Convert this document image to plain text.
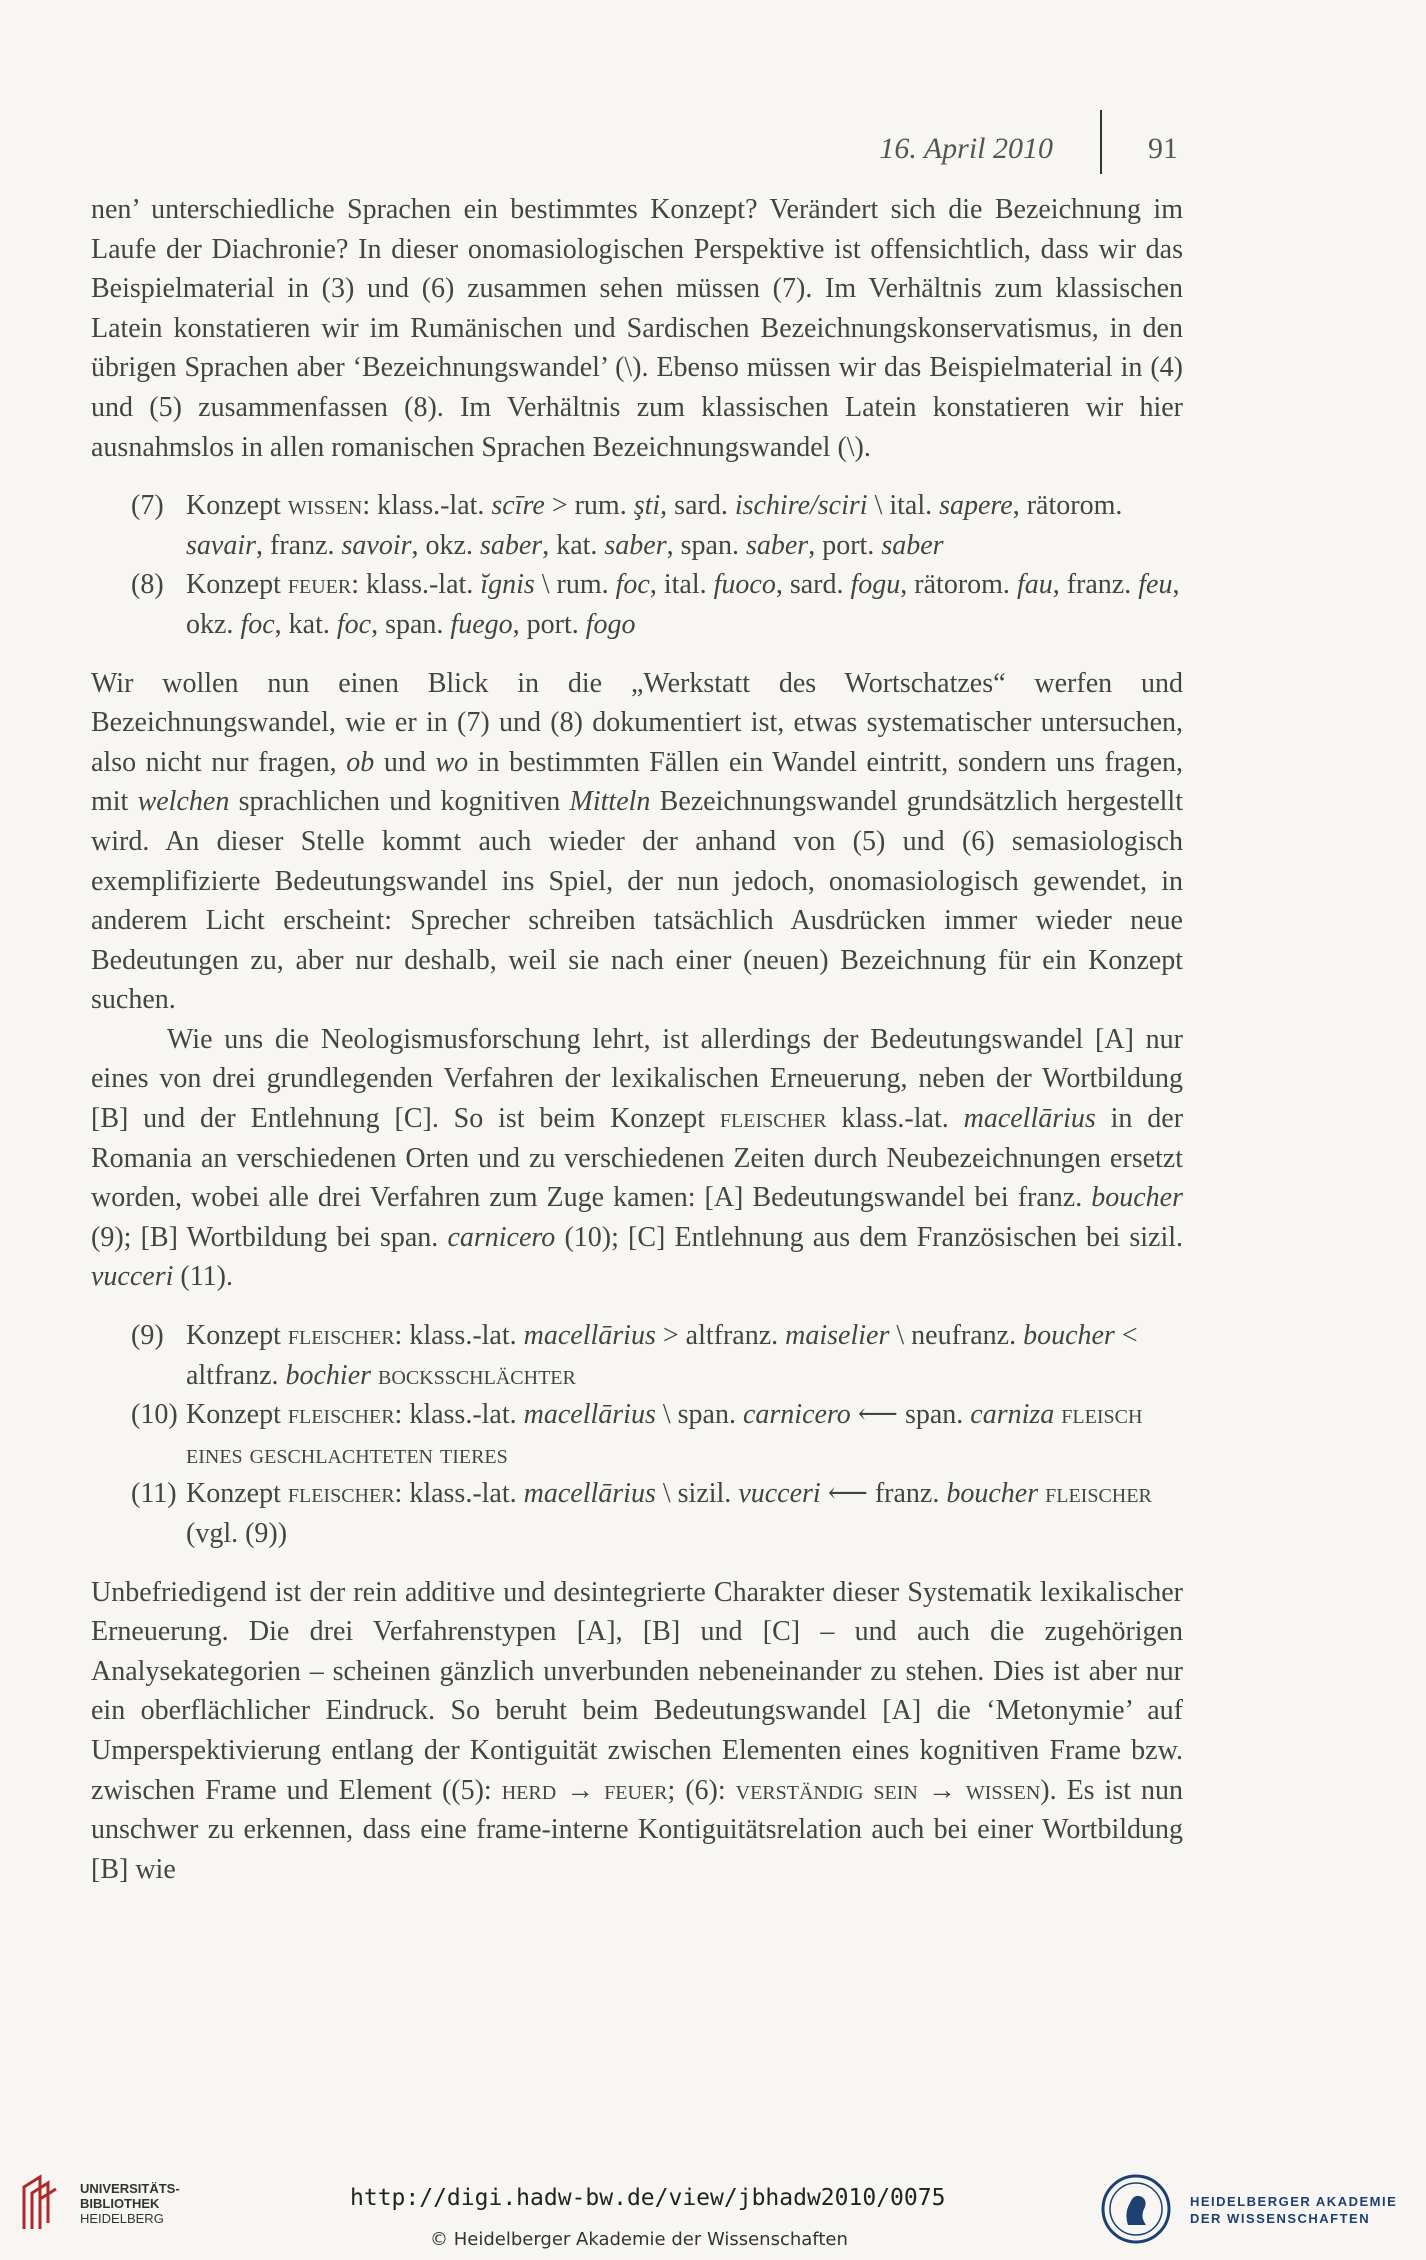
16. April 2010	91

nen’ unterschiedliche Sprachen ein bestimmtes Konzept? Verändert sich die Bezeichnung im Laufe der Diachronie? In dieser onomasiologischen Perspektive ist offensichtlich, dass wir das Beispielmaterial in (3) und (6) zusammen sehen müssen (7). Im Verhältnis zum klassischen Latein konstatieren wir im Rumänischen und Sardischen Bezeichnungskonservatismus, in den übrigen Sprachen aber ‘Bezeichnungswandel’ (\). Ebenso müssen wir das Beispielmaterial in (4) und (5) zusammenfassen (8). Im Verhältnis zum klassischen Latein konstatieren wir hier ausnahmslos in allen romanischen Sprachen Bezeichnungswandel (\).

(7) Konzept wissen: klass.-lat. scīre > rum. şti, sard. ischire/sciri \ ital. sapere, rätorom. savair, franz. savoir, okz. saber, kat. saber, span. saber, port. saber
(8) Konzept feuer: klass.-lat. ĭgnis \ rum. foc, ital. fuoco, sard. fogu, rätorom. fau, franz. feu, okz. foc, kat. foc, span. fuego, port. fogo

Wir wollen nun einen Blick in die „Werkstatt des Wortschatzes“ werfen und Bezeichnungswandel, wie er in (7) und (8) dokumentiert ist, etwas systematischer untersuchen, also nicht nur fragen, ob und wo in bestimmten Fällen ein Wandel eintritt, sondern uns fragen, mit welchen sprachlichen und kognitiven Mitteln Bezeichnungswandel grundsätzlich hergestellt wird. An dieser Stelle kommt auch wieder der anhand von (5) und (6) semasiologisch exemplifizierte Bedeutungswandel ins Spiel, der nun jedoch, onomasiologisch gewendet, in anderem Licht erscheint: Sprecher schreiben tatsächlich Ausdrücken immer wieder neue Bedeutungen zu, aber nur deshalb, weil sie nach einer (neuen) Bezeichnung für ein Konzept suchen.

Wie uns die Neologismusforschung lehrt, ist allerdings der Bedeutungswandel [A] nur eines von drei grundlegenden Verfahren der lexikalischen Erneuerung, neben der Wortbildung [B] und der Entlehnung [C]. So ist beim Konzept fleischer klass.-lat. macellārius in der Romania an verschiedenen Orten und zu verschiedenen Zeiten durch Neubezeichnungen ersetzt worden, wobei alle drei Verfahren zum Zuge kamen: [A] Bedeutungswandel bei franz. boucher (9); [B] Wortbildung bei span. carnicero (10); [C] Entlehnung aus dem Französischen bei sizil. vucceri (11).

(9) Konzept fleischer: klass.-lat. macellārius > altfranz. maiselier \ neufranz. boucher < altfranz. bochier bocksschlächter
(10) Konzept fleischer: klass.-lat. macellārius \ span. carnicero ⟵ span. carniza fleisch eines geschlachteten tieres
(11) Konzept fleischer: klass.-lat. macellārius \ sizil. vucceri ⟵ franz. boucher fleischer (vgl. (9))

Unbefriedigend ist der rein additive und desintegrierte Charakter dieser Systematik lexikalischer Erneuerung. Die drei Verfahrenstypen [A], [B] und [C] – und auch die zugehörigen Analysekategorien – scheinen gänzlich unverbunden nebeneinander zu stehen. Dies ist aber nur ein oberflächlicher Eindruck. So beruht beim Bedeutungswandel [A] die ‘Metonymie’ auf Umperspektivierung entlang der Kontiguität zwischen Elementen eines kognitiven Frame bzw. zwischen Frame und Element ((5): herd → feuer; (6): verständig sein → wissen). Es ist nun unschwer zu erkennen, dass eine frame-interne Kontiguitätsrelation auch bei einer Wortbildung [B] wie

UNIVERSITÄTS-
BIBLIOTHEK
HEIDELBERG
http://digi.hadw-bw.de/view/jbhadw2010/0075
© Heidelberger Akademie der Wissenschaften
HEIDELBERGER AKADEMIE
DER WISSENSCHAFTEN
